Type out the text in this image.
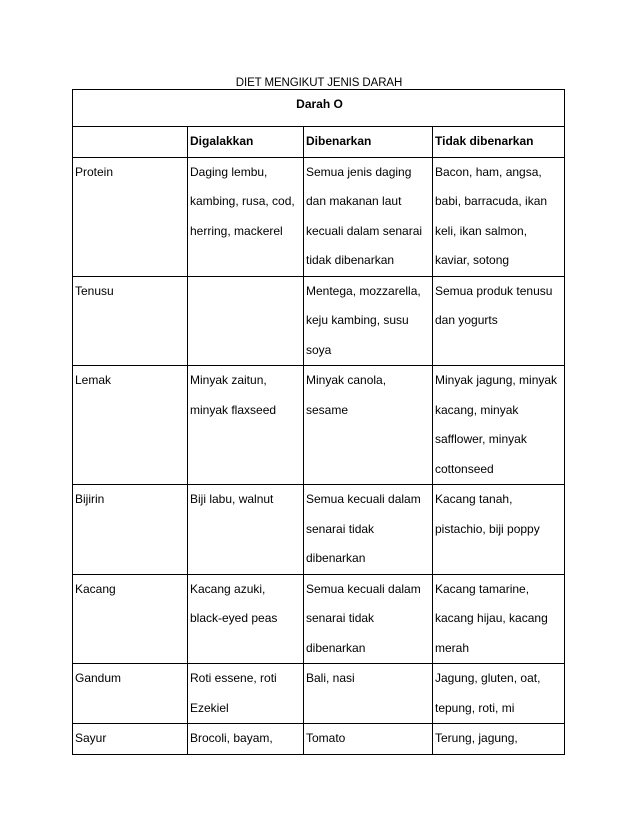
DIET MENGIKUT JENIS DARAH
Darah O			
	Digalakkan	Dibenarkan	Tidak dibenarkan
Protein	Daging lembu,
kambing, rusa, cod,
herring, mackerel	Semua jenis daging
dan makanan laut
kecuali dalam senarai
tidak dibenarkan	Bacon, ham, angsa,
babi, barracuda, ikan
keli, ikan salmon,
kaviar, sotong

Tenusu		Mentega, mozzarella,
keju kambing, susu
soya	Semua produk tenusu
dan yogurts

Lemak	Minyak zaitun,
minyak flaxseed	Minyak canola,
sesame	Minyak jagung, minyak
kacang, minyak
safflower, minyak
cottonseed

Bijirin	Biji labu, walnut	Semua kecuali dalam
senarai tidak
dibenarkan	Kacang tanah,
pistachio, biji poppy

Kacang	Kacang azuki,
black-eyed peas	Semua kecuali dalam
senarai tidak
dibenarkan	Kacang tamarine,
kacang hijau, kacang
merah

Gandum	Roti essene, roti
Ezekiel	Bali, nasi	Jagung, gluten, oat,
tepung, roti, mi

Sayur	Brocoli, bayam,	Tomato	Terung, jagung,
